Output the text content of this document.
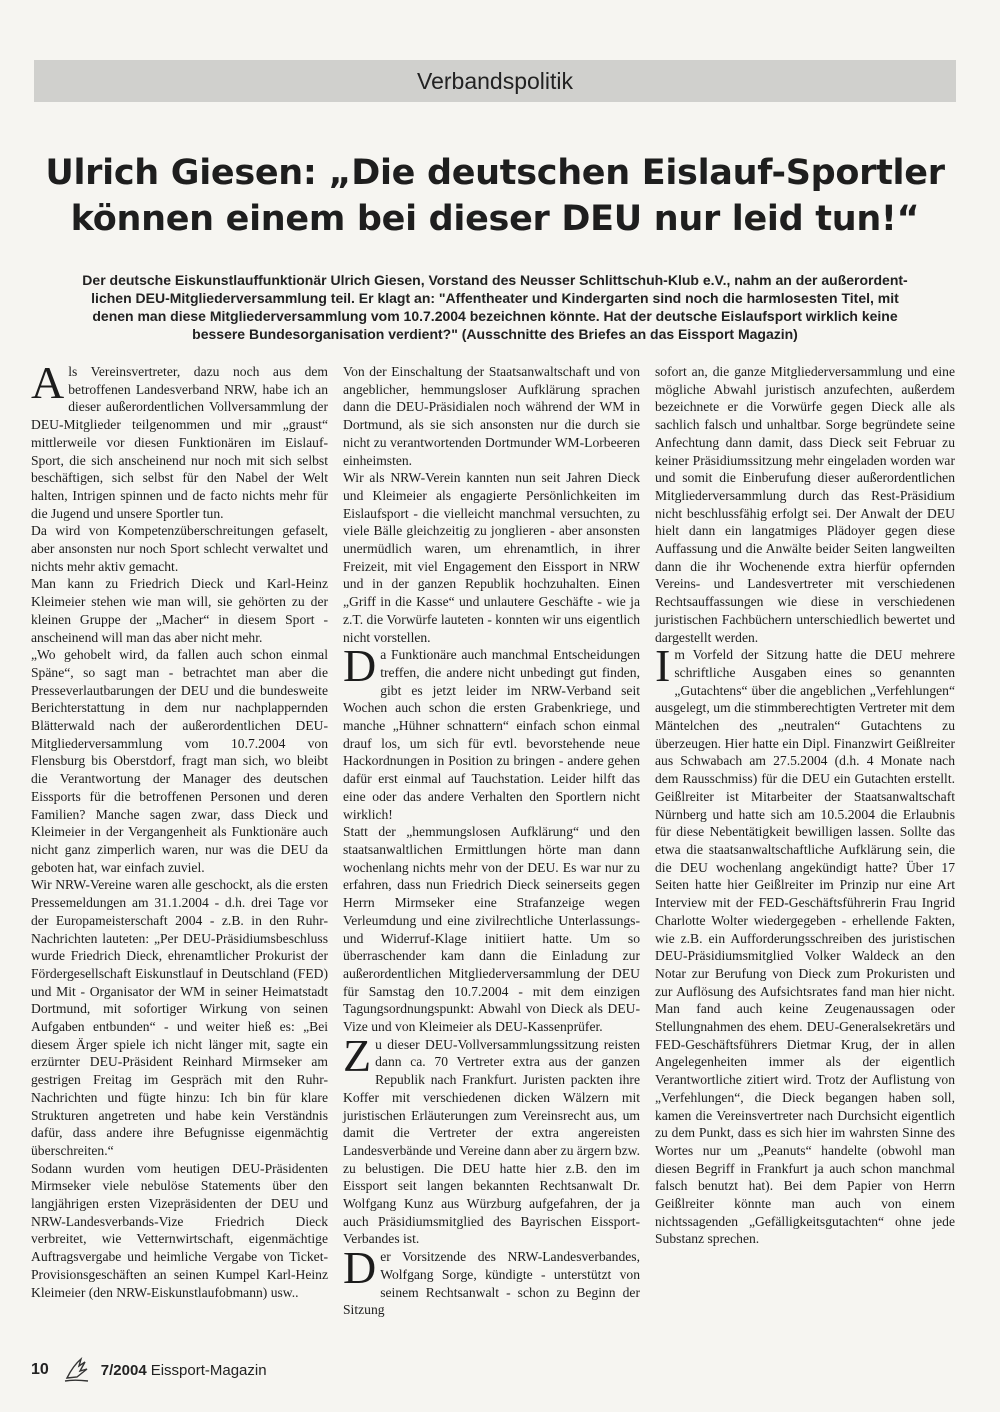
Verbandspolitik
Ulrich Giesen: „Die deutschen Eislauf-Sportler
können einem bei dieser DEU nur leid tun!“
Der deutsche Eiskunstlauffunktionär Ulrich Giesen, Vorstand des Neusser Schlittschuh-Klub e.V., nahm an der außerordent-
lichen DEU-Mitgliederversammlung teil. Er klagt an: "Affentheater und Kindergarten sind noch die harmlosesten Titel, mit
denen man diese Mitgliederversammlung vom 10.7.2004 bezeichnen könnte. Hat der deutsche Eislaufsport wirklich keine
bessere Bundesorganisation verdient?" (Ausschnitte des Briefes an das Eissport Magazin)

Als Vereinsvertreter, dazu noch aus dem betroffenen Landesverband NRW, habe ich an dieser außerordentlichen Vollversammlung der DEU-Mitglieder teilgenommen und mir „graust“ mittlerweile vor diesen Funktionären im Eislauf-Sport, die sich anscheinend nur noch mit sich selbst beschäftigen, sich selbst für den Nabel der Welt halten, Intrigen spinnen und de facto nichts mehr für die Jugend und unsere Sportler tun.

Da wird von Kompetenzüberschreitungen gefaselt, aber ansonsten nur noch Sport schlecht verwaltet und nichts mehr aktiv gemacht.

Man kann zu Friedrich Dieck und Karl-Heinz Kleimeier stehen wie man will, sie gehörten zu der kleinen Gruppe der „Macher“ in diesem Sport - anscheinend will man das aber nicht mehr.

„Wo gehobelt wird, da fallen auch schon einmal Späne“, so sagt man - betrachtet man aber die Presseverlautbarungen der DEU und die bundesweite Berichterstattung in dem nur nachplappernden Blätterwald nach der außerordentlichen DEU-Mitgliederversammlung vom 10.7.2004 von Flensburg bis Oberstdorf, fragt man sich, wo bleibt die Verantwortung der Manager des deutschen Eissports für die betroffenen Personen und deren Familien? Manche sagen zwar, dass Dieck und Kleimeier in der Vergangenheit als Funktionäre auch nicht ganz zimperlich waren, nur was die DEU da geboten hat, war einfach zuviel.

Wir NRW-Vereine waren alle geschockt, als die ersten Pressemeldungen am 31.1.2004 - d.h. drei Tage vor der Europameisterschaft 2004 - z.B. in den Ruhr-Nachrichten lauteten: „Per DEU-Präsidiumsbeschluss wurde Friedrich Dieck, ehrenamtlicher Prokurist der Fördergesellschaft Eiskunstlauf in Deutschland (FED) und Mit - Organisator der WM in seiner Heimatstadt Dortmund, mit sofortiger Wirkung von seinen Aufgaben entbunden“ - und weiter hieß es: „Bei diesem Ärger spiele ich nicht länger mit, sagte ein erzürnter DEU-Präsident Reinhard Mirmseker am gestrigen Freitag im Gespräch mit den Ruhr-Nachrichten und fügte hinzu: Ich bin für klare Strukturen angetreten und habe kein Verständnis dafür, dass andere ihre Befugnisse eigenmächtig überschreiten.“

Sodann wurden vom heutigen DEU-Präsidenten Mirmseker viele nebulöse Statements über den langjährigen ersten Vizepräsidenten der DEU und NRW-Landesverbands-Vize Friedrich Dieck verbreitet, wie Vetternwirtschaft, eigenmächtige Auftragsvergabe und heimliche Vergabe von Ticket-Provisionsgeschäften an seinen Kumpel Karl-Heinz Kleimeier (den NRW-Eiskunstlaufobmann) usw..

Von der Einschaltung der Staatsanwaltschaft und von angeblicher, hemmungsloser Aufklärung sprachen dann die DEU-Präsidialen noch während der WM in Dortmund, als sie sich ansonsten nur die durch sie nicht zu verantwortenden Dortmunder WM-Lorbeeren einheimsten.

Wir als NRW-Verein kannten nun seit Jahren Dieck und Kleimeier als engagierte Persönlichkeiten im Eislaufsport - die vielleicht manchmal versuchten, zu viele Bälle gleichzeitig zu jonglieren - aber ansonsten unermüdlich waren, um ehrenamtlich, in ihrer Freizeit, mit viel Engagement den Eissport in NRW und in der ganzen Republik hochzuhalten. Einen „Griff in die Kasse“ und unlautere Geschäfte - wie ja z.T. die Vorwürfe lauteten - konnten wir uns eigentlich nicht vorstellen.

Da Funktionäre auch manchmal Entscheidungen treffen, die andere nicht unbedingt gut finden, gibt es jetzt leider im NRW-Verband seit Wochen auch schon die ersten Grabenkriege, und manche „Hühner schnattern“ einfach schon einmal drauf los, um sich für evtl. bevorstehende neue Hackordnungen in Position zu bringen - andere gehen dafür erst einmal auf Tauchstation. Leider hilft das eine oder das andere Verhalten den Sportlern nicht wirklich!

Statt der „hemmungslosen Aufklärung“ und den staatsanwaltlichen Ermittlungen hörte man dann wochenlang nichts mehr von der DEU. Es war nur zu erfahren, dass nun Friedrich Dieck seinerseits gegen Herrn Mirmseker eine Strafanzeige wegen Verleumdung und eine zivilrechtliche Unterlassungs- und Widerruf-Klage initiiert hatte. Um so überraschender kam dann die Einladung zur außerordentlichen Mitgliederversammlung der DEU für Samstag den 10.7.2004 - mit dem einzigen Tagungsordnungspunkt: Abwahl von Dieck als DEU-Vize und von Kleimeier als DEU-Kassenprüfer.

Zu dieser DEU-Vollversammlungssitzung reisten dann ca. 70 Vertreter extra aus der ganzen Republik nach Frankfurt. Juristen packten ihre Koffer mit verschiedenen dicken Wälzern mit juristischen Erläuterungen zum Vereinsrecht aus, um damit die Vertreter der extra angereisten Landesverbände und Vereine dann aber zu ärgern bzw. zu belustigen. Die DEU hatte hier z.B. den im Eissport seit langen bekannten Rechtsanwalt Dr. Wolfgang Kunz aus Würzburg aufgefahren, der ja auch Präsidiumsmitglied des Bayrischen Eissport-Verbandes ist.

Der Vorsitzende des NRW-Landesverbandes, Wolfgang Sorge, kündigte - unterstützt von seinem Rechtsanwalt - schon zu Beginn der Sitzung

sofort an, die ganze Mitgliederversammlung und eine mögliche Abwahl juristisch anzufechten, außerdem bezeichnete er die Vorwürfe gegen Dieck alle als sachlich falsch und unhaltbar. Sorge begründete seine Anfechtung dann damit, dass Dieck seit Februar zu keiner Präsidiumssitzung mehr eingeladen worden war und somit die Einberufung dieser außerordentlichen Mitgliederversammlung durch das Rest-Präsidium nicht beschlussfähig erfolgt sei. Der Anwalt der DEU hielt dann ein langatmiges Plädoyer gegen diese Auffassung und die Anwälte beider Seiten langweilten dann die ihr Wochenende extra hierfür opfernden Vereins- und Landesvertreter mit verschiedenen Rechtsauffassungen wie diese in verschiedenen juristischen Fachbüchern unterschiedlich bewertet und dargestellt werden.

Im Vorfeld der Sitzung hatte die DEU mehrere schriftliche Ausgaben eines so genannten „Gutachtens“ über die angeblichen „Verfehlungen“ ausgelegt, um die stimmberechtigten Vertreter mit dem Mäntelchen des „neutralen“ Gutachtens zu überzeugen. Hier hatte ein Dipl. Finanzwirt Geißlreiter aus Schwabach am 27.5.2004 (d.h. 4 Monate nach dem Rausschmiss) für die DEU ein Gutachten erstellt. Geißlreiter ist Mitarbeiter der Staatsanwaltschaft Nürnberg und hatte sich am 10.5.2004 die Erlaubnis für diese Nebentätigkeit bewilligen lassen. Sollte das etwa die staatsanwaltschaftliche Aufklärung sein, die die DEU wochenlang angekündigt hatte? Über 17 Seiten hatte hier Geißlreiter im Prinzip nur eine Art Interview mit der FED-Geschäftsführerin Frau Ingrid Charlotte Wolter wiedergegeben - erhellende Fakten, wie z.B. ein Aufforderungsschreiben des juristischen DEU-Präsidiumsmitglied Volker Waldeck an den Notar zur Berufung von Dieck zum Prokuristen und zur Auflösung des Aufsichtsrates fand man hier nicht. Man fand auch keine Zeugenaussagen oder Stellungnahmen des ehem. DEU-Generalsekretärs und FED-Geschäftsführers Dietmar Krug, der in allen Angelegenheiten immer als der eigentlich Verantwortliche zitiert wird. Trotz der Auflistung von „Verfehlungen“, die Dieck begangen haben soll, kamen die Vereinsvertreter nach Durchsicht eigentlich zu dem Punkt, dass es sich hier im wahrsten Sinne des Wortes nur um „Peanuts“ handelte (obwohl man diesen Begriff in Frankfurt ja auch schon manchmal falsch benutzt hat). Bei dem Papier von Herrn Geißlreiter könnte man auch von einem nichtssagenden „Gefälligkeitsgutachten“ ohne jede Substanz sprechen.

10	7/2004 Eissport-Magazin
